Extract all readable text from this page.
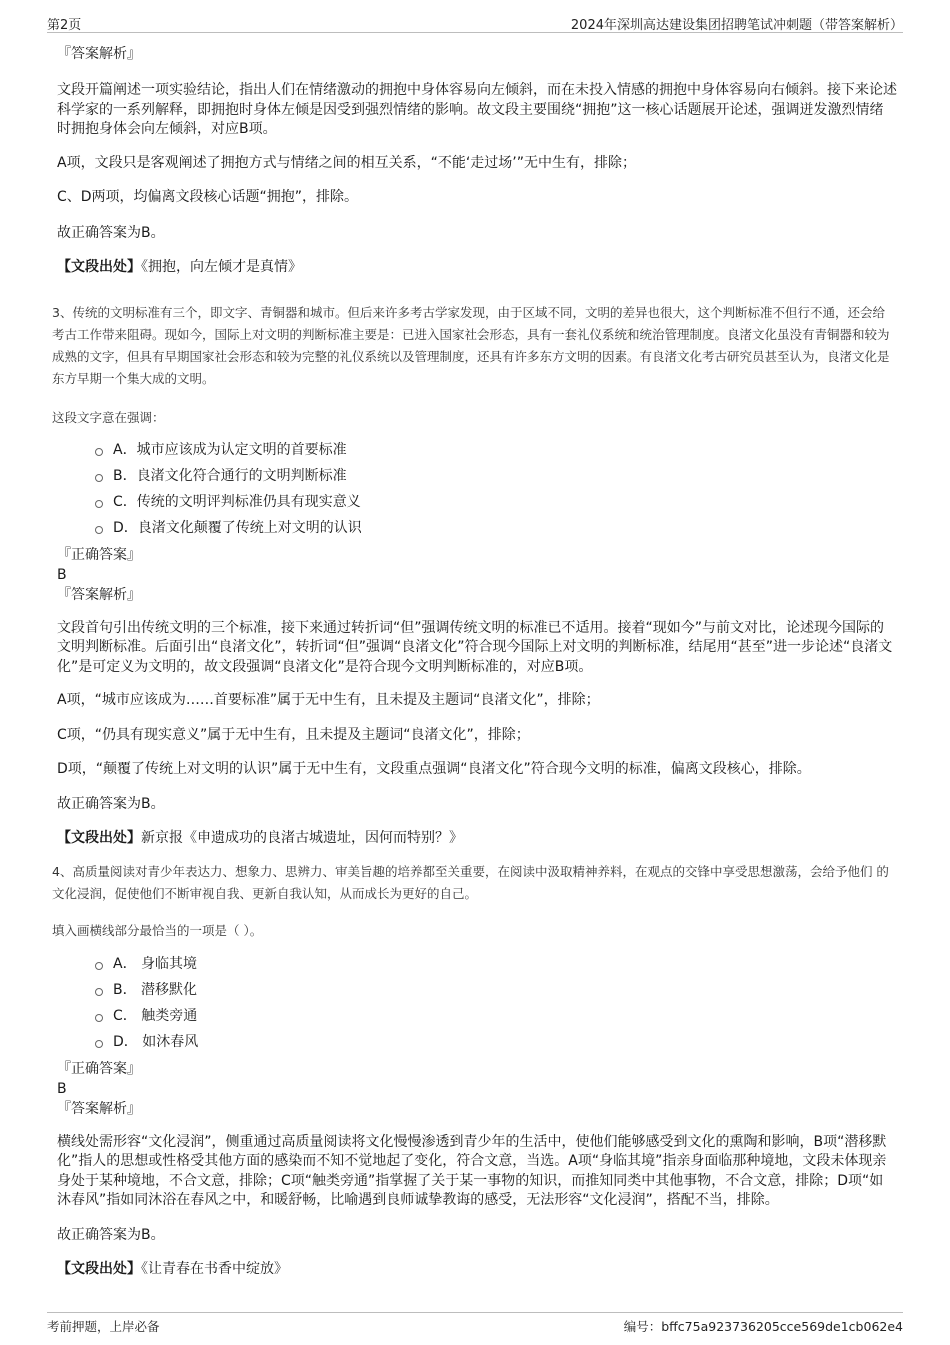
第2页	2024年深圳高达建设集团招聘笔试冲刺题（带答案解析）

『答案解析』

文段开篇阐述一项实验结论，指出人们在情绪激动的拥抱中身体容易向左倾斜，而在未投入情感的拥抱中身体容易向右倾斜。接下来论述科学家的一系列解释，即拥抱时身体左倾是因受到强烈情绪的影响。故文段主要围绕“拥抱”这一核心话题展开论述，强调迸发激烈情绪时拥抱身体会向左倾斜，对应B项。

A项，文段只是客观阐述了拥抱方式与情绪之间的相互关系，“不能‘走过场’”无中生有，排除；

C、D两项，均偏离文段核心话题“拥抱”，排除。

故正确答案为B。

【文段出处】《拥抱，向左倾才是真情》

3、传统的文明标准有三个，即文字、青铜器和城市。但后来许多考古学家发现，由于区域不同，文明的差异也很大，这个判断标准不但行不通，还会给考古工作带来阻碍。现如今，国际上对文明的判断标准主要是：已进入国家社会形态，具有一套礼仪系统和统治管理制度。良渚文化虽没有青铜器和较为成熟的文字，但具有早期国家社会形态和较为完整的礼仪系统以及管理制度，还具有许多东方文明的因素。有良渚文化考古研究员甚至认为，良渚文化是东方早期一个集大成的文明。

这段文字意在强调：

A．城市应该成为认定文明的首要标准
B．良渚文化符合通行的文明判断标准
C．传统的文明评判标准仍具有现实意义
D．良渚文化颠覆了传统上对文明的认识

『正确答案』

B

『答案解析』

文段首句引出传统文明的三个标准，接下来通过转折词“但”强调传统文明的标准已不适用。接着“现如今”与前文对比，论述现今国际的文明判断标准。后面引出“良渚文化”，转折词“但”强调“良渚文化”符合现今国际上对文明的判断标准，结尾用“甚至”进一步论述“良渚文化”是可定义为文明的，故文段强调“良渚文化”是符合现今文明判断标准的，对应B项。

A项，“城市应该成为……首要标准”属于无中生有，且未提及主题词“良渚文化”，排除；

C项，“仍具有现实意义”属于无中生有，且未提及主题词“良渚文化”，排除；

D项，“颠覆了传统上对文明的认识”属于无中生有，文段重点强调“良渚文化”符合现今文明的标准，偏离文段核心，排除。

故正确答案为B。

【文段出处】新京报《申遗成功的良渚古城遗址，因何而特别？》

4、高质量阅读对青少年表达力、想象力、思辨力、审美旨趣的培养都至关重要，在阅读中汲取精神养料，在观点的交锋中享受思想激荡，会给予他们 的文化浸润，促使他们不断审视自我、更新自我认知，从而成长为更好的自己。

填入画横线部分最恰当的一项是（ ）。

A． 身临其境
B． 潜移默化
C． 触类旁通
D． 如沐春风

『正确答案』

B

『答案解析』

横线处需形容“文化浸润”，侧重通过高质量阅读将文化慢慢渗透到青少年的生活中，使他们能够感受到文化的熏陶和影响，B项“潜移默化”指人的思想或性格受其他方面的感染而不知不觉地起了变化，符合文意，当选。A项“身临其境”指亲身面临那种境地，文段未体现亲身处于某种境地，不合文意，排除；C项“触类旁通”指掌握了关于某一事物的知识，而推知同类中其他事物，不合文意，排除；D项“如沐春风”指如同沐浴在春风之中，和暖舒畅，比喻遇到良师诚挚教诲的感受，无法形容“文化浸润”，搭配不当，排除。

故正确答案为B。

【文段出处】《让青春在书香中绽放》

考前押题，上岸必备	编号：bffc75a923736205cce569de1cb062e4
